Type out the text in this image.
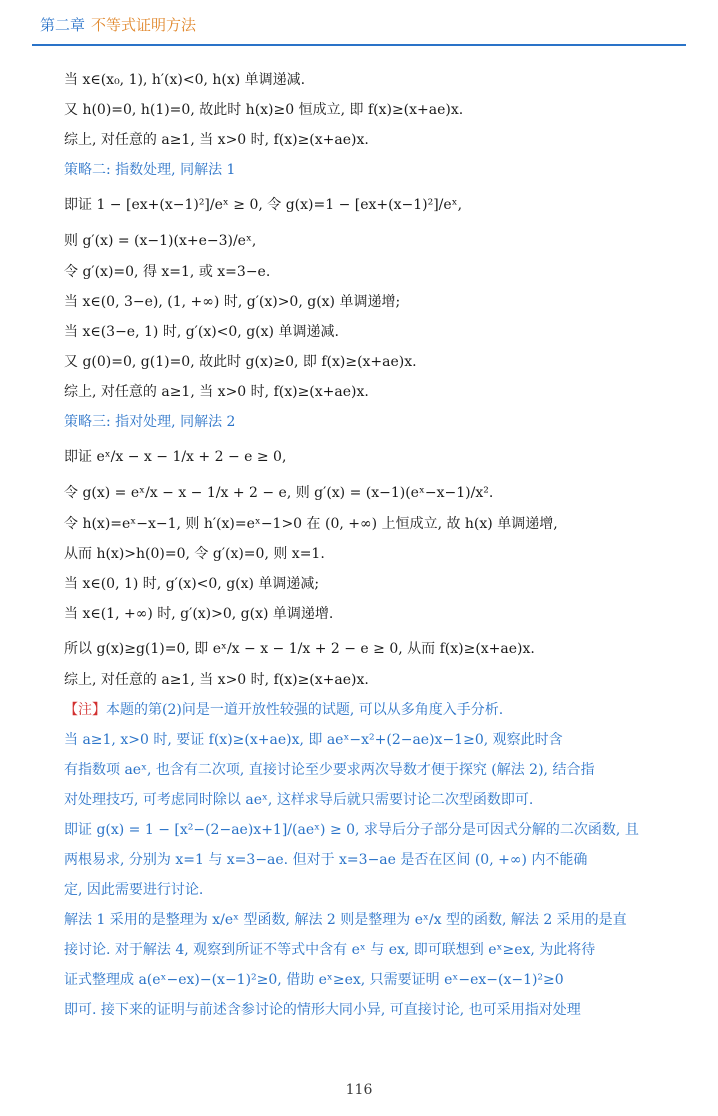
第二章 不等式证明方法
当 x∈(x₀, 1), h′(x)<0, h(x) 单调递减.
又 h(0)=0, h(1)=0, 故此时 h(x)≥0 恒成立, 即 f(x)≥(x+ae)x.
综上, 对任意的 a≥1, 当 x>0 时, f(x)≥(x+ae)x.
策略二: 指数处理, 同解法 1
即证 1 − [ex+(x−1)²]/eˣ ≥ 0, 令 g(x)=1 − [ex+(x−1)²]/eˣ,
则 g′(x) = (x−1)(x+e−3)/eˣ,
令 g′(x)=0, 得 x=1, 或 x=3−e.
当 x∈(0, 3−e), (1, +∞) 时, g′(x)>0, g(x) 单调递增;
当 x∈(3−e, 1) 时, g′(x)<0, g(x) 单调递减.
又 g(0)=0, g(1)=0, 故此时 g(x)≥0, 即 f(x)≥(x+ae)x.
综上, 对任意的 a≥1, 当 x>0 时, f(x)≥(x+ae)x.
策略三: 指对处理, 同解法 2
即证 eˣ/x − x − 1/x + 2 − e ≥ 0,
令 g(x) = eˣ/x − x − 1/x + 2 − e, 则 g′(x) = (x−1)(eˣ−x−1)/x².
令 h(x)=eˣ−x−1, 则 h′(x)=eˣ−1>0 在 (0, +∞) 上恒成立, 故 h(x) 单调递增,
从而 h(x)>h(0)=0, 令 g′(x)=0, 则 x=1.
当 x∈(0, 1) 时, g′(x)<0, g(x) 单调递减;
当 x∈(1, +∞) 时, g′(x)>0, g(x) 单调递增.
所以 g(x)≥g(1)=0, 即 eˣ/x − x − 1/x + 2 − e ≥ 0, 从而 f(x)≥(x+ae)x.
综上, 对任意的 a≥1, 当 x>0 时, f(x)≥(x+ae)x.
【注】本题的第(2)问是一道开放性较强的试题, 可以从多角度入手分析.
当 a≥1, x>0 时, 要证 f(x)≥(x+ae)x, 即 aeˣ−x²+(2−ae)x−1≥0, 观察此时含
有指数项 aeˣ, 也含有二次项, 直接讨论至少要求两次导数才便于探究 (解法 2), 结合指
对处理技巧, 可考虑同时除以 aeˣ, 这样求导后就只需要讨论二次型函数即可.
即证 g(x) = 1 − [x²−(2−ae)x+1]/(aeˣ) ≥ 0, 求导后分子部分是可因式分解的二次函数, 且
两根易求, 分别为 x=1 与 x=3−ae. 但对于 x=3−ae 是否在区间 (0, +∞) 内不能确
定, 因此需要进行讨论.
解法 1 采用的是整理为 x/eˣ 型函数, 解法 2 则是整理为 eˣ/x 型的函数, 解法 2 采用的是直
接讨论. 对于解法 4, 观察到所证不等式中含有 eˣ 与 ex, 即可联想到 eˣ≥ex, 为此将待
证式整理成 a(eˣ−ex)−(x−1)²≥0, 借助 eˣ≥ex, 只需要证明 eˣ−ex−(x−1)²≥0
即可. 接下来的证明与前述含参讨论的情形大同小异, 可直接讨论, 也可采用指对处理
116
